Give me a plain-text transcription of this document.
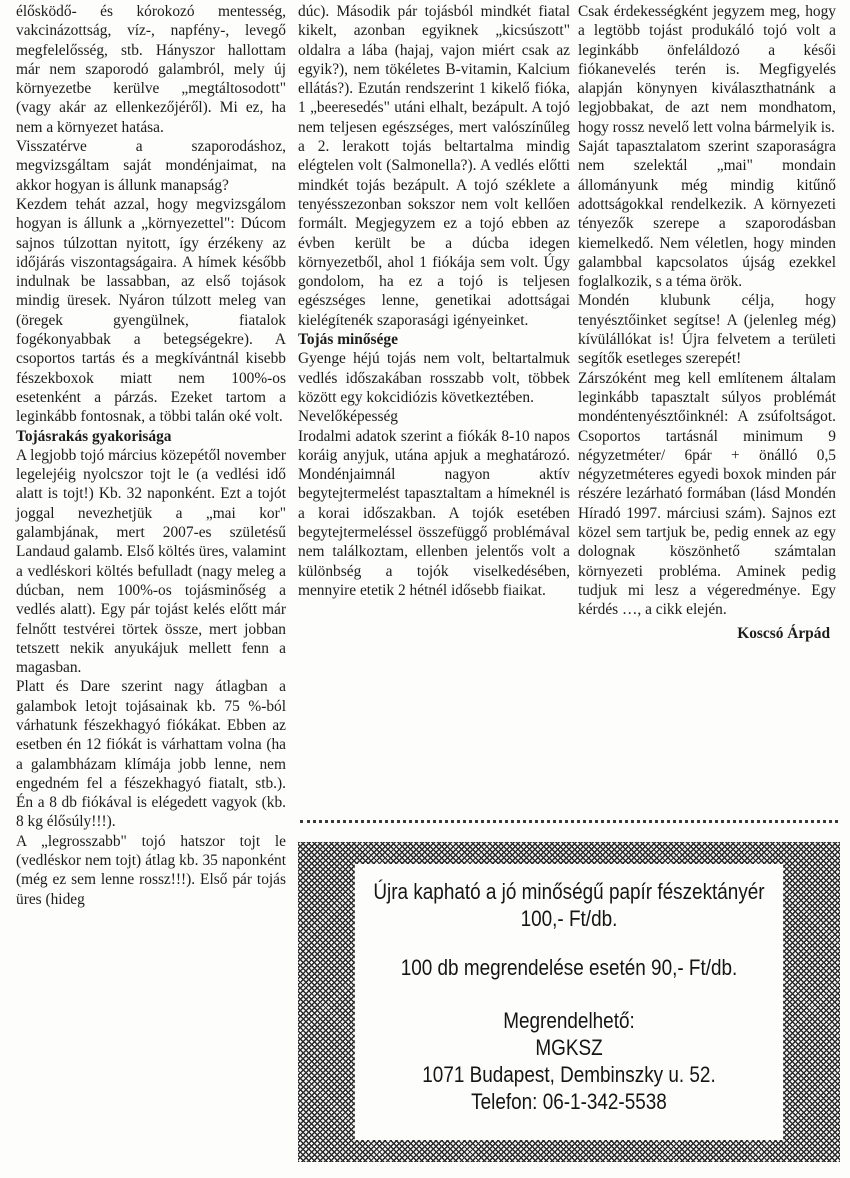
élősködő- és kórokozó mentesség, vakcinázottság, víz-, napfény-, levegő megfelelősség, stb. Hányszor hallottam már nem szaporodó galambról, mely új környezetbe kerülve „megtáltosodott" (vagy akár az ellenkezőjéről). Mi ez, ha nem a környezet hatása.

Visszatérve a szaporodáshoz, megvizsgáltam saját mondénjaimat, na akkor hogyan is állunk manapság?

Kezdem tehát azzal, hogy megvizsgálom hogyan is állunk a „környezettel": Dúcom sajnos túlzottan nyitott, így érzékeny az időjárás viszontagságaira. A hímek később indulnak be lassabban, az első tojások mindig üresek. Nyáron túlzott meleg van (öregek gyengülnek, fiatalok fogékonyabbak a betegségekre). A csoportos tartás és a megkívántnál kisebb fészekboxok miatt nem 100%-os esetenként a párzás. Ezeket tartom a leginkább fontosnak, a többi talán oké volt.

Tojásrakás gyakorisága

A legjobb tojó március közepétől november legelejéig nyolcszor tojt le (a vedlési idő alatt is tojt!) Kb. 32 naponként. Ezt a tojót joggal nevezhetjük a „mai kor" galambjának, mert 2007-es születésű Landaud galamb. Első költés üres, valamint a vedléskori költés befulladt (nagy meleg a dúcban, nem 100%-os tojásminőség a vedlés alatt). Egy pár tojást kelés előtt már felnőtt testvérei törtek össze, mert jobban tetszett nekik anyukájuk mellett fenn a magasban.

Platt és Dare szerint nagy átlagban a galambok letojt tojásainak kb. 75 %-ból várhatunk fészekhagyó fiókákat. Ebben az esetben én 12 fiókát is várhattam volna (ha a galambházam klímája jobb lenne, nem engedném fel a fészekhagyó fiatalt, stb.). Én a 8 db fiókával is elégedett vagyok (kb. 8 kg élősúly!!!).

A „legrosszabb" tojó hatszor tojt le (vedléskor nem tojt) átlag kb. 35 naponként (még ez sem lenne rossz!!!). Első pár tojás üres (hideg

dúc). Második pár tojásból mindkét fiatal kikelt, azonban egyiknek „kicsúszott" oldalra a lába (hajaj, vajon miért csak az egyik?), nem tökéletes B-vitamin, Kalcium ellátás?). Ezután rendszerint 1 kikelő fióka, 1 „beeresedés" utáni elhalt, bezápult. A tojó nem teljesen egészséges, mert valószínűleg a 2. lerakott tojás beltartalma mindig elégtelen volt (Salmonella?). A vedlés előtti mindkét tojás bezápult. A tojó széklete a tenyésszezonban sokszor nem volt kellően formált. Megjegyzem ez a tojó ebben az évben került be a dúcba idegen környezetből, ahol 1 fiókája sem volt. Úgy gondolom, ha ez a tojó is teljesen egészséges lenne, genetikai adottságai kielégítenék szaporasági igényeinket.

Tojás minősége

Gyenge héjú tojás nem volt, beltartalmuk vedlés időszakában rosszabb volt, többek között egy kokcidiózis következtében.

Nevelőképesség

Irodalmi adatok szerint a fiókák 8-10 napos koráig anyjuk, utána apjuk a meghatározó. Mondénjaimnál nagyon aktív begytejtermelést tapasztaltam a hímeknél is a korai időszakban. A tojók esetében begytejtermeléssel összefüggő problémával nem találkoztam, ellenben jelentős volt a különbség a tojók viselkedésében, mennyire etetik 2 hétnél idősebb fiaikat.

Csak érdekességként jegyzem meg, hogy a legtöbb tojást produkáló tojó volt a leginkább önfeláldozó a késői fiókanevelés terén is. Megfigyelés alapján könynyen kiválaszthatnánk a legjobbakat, de azt nem mondhatom, hogy rossz nevelő lett volna bármelyik is.

Saját tapasztalatom szerint szaporaságra nem szelektál „mai" mondain állományunk még mindig kitűnő adottságokkal rendelkezik. A környezeti tényezők szerepe a szaporodásban kiemelkedő. Nem véletlen, hogy minden galambbal kapcsolatos újság ezekkel foglalkozik, s a téma örök.

Mondén klubunk célja, hogy tenyésztőinket segítse! A (jelenleg még) kívülállókat is! Újra felvetem a területi segítők esetleges szerepét!

Zárszóként meg kell említenem általam leginkább tapasztalt súlyos problémát mondéntenyésztőinknél: A zsúfoltságot. Csoportos tartásnál minimum 9 négyzetméter/ 6pár + önálló 0,5 négyzetméteres egyedi boxok minden pár részére lezárható formában (lásd Mondén Híradó 1997. márciusi szám). Sajnos ezt közel sem tartjuk be, pedig ennek az egy dolognak köszönhető számtalan környezeti probléma. Aminek pedig tudjuk mi lesz a végeredménye. Egy kérdés …, a cikk elején.

Koscsó Árpád

Újra kapható a jó minőségű papír fészektányér
100,- Ft/db.
100 db megrendelése esetén 90,- Ft/db.
Megrendelhető:
MGKSZ
1071 Budapest, Dembinszky u. 52.
Telefon: 06-1-342-5538
